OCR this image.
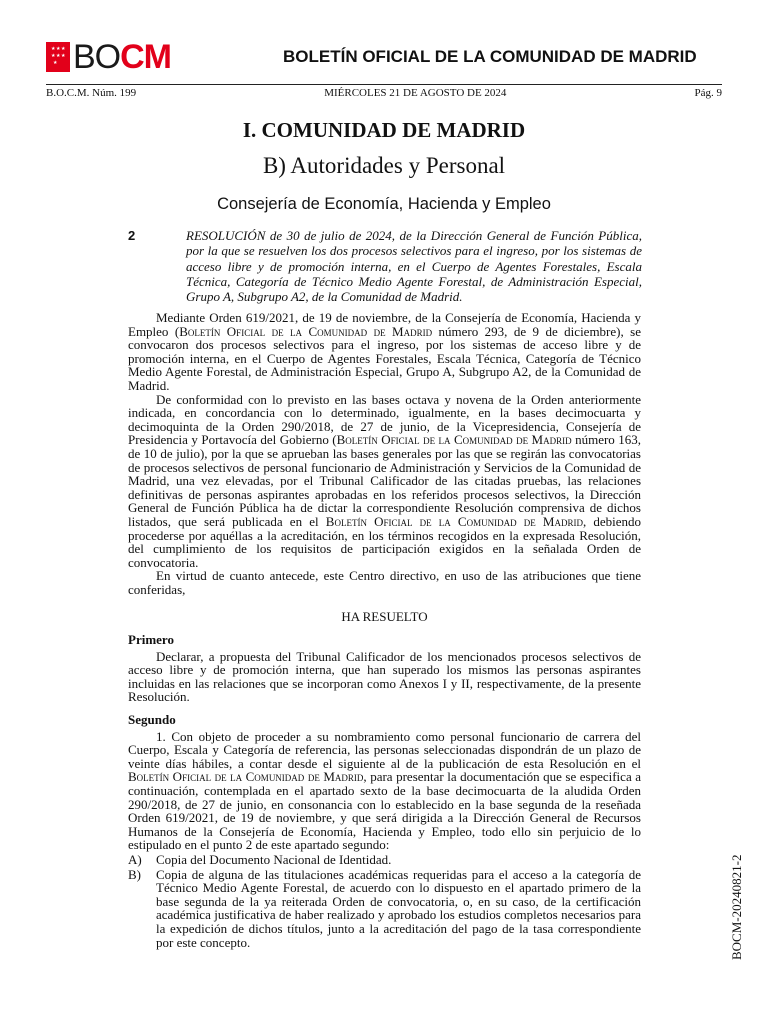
★ ★ ★
★ ★ ★
★ BOCM	BOLETÍN OFICIAL DE LA COMUNIDAD DE MADRID
B.O.C.M. Núm. 199	MIÉRCOLES 21 DE AGOSTO DE 2024	Pág. 9
I. COMUNIDAD DE MADRID
B) Autoridades y Personal
Consejería de Economía, Hacienda y Empleo
2	RESOLUCIÓN de 30 de julio de 2024, de la Dirección General de Función Pública, por la que se resuelven los dos procesos selectivos para el ingreso, por los sistemas de acceso libre y de promoción interna, en el Cuerpo de Agentes Forestales, Escala Técnica, Categoría de Técnico Medio Agente Forestal, de Administración Especial, Grupo A, Subgrupo A2, de la Comunidad de Madrid.

Mediante Orden 619/2021, de 19 de noviembre, de la Consejería de Economía, Hacienda y Empleo (Boletín Oficial de la Comunidad de Madrid número 293, de 9 de diciembre), se convocaron dos procesos selectivos para el ingreso, por los sistemas de acceso libre y de promoción interna, en el Cuerpo de Agentes Forestales, Escala Técnica, Categoría de Técnico Medio Agente Forestal, de Administración Especial, Grupo A, Subgrupo A2, de la Comunidad de Madrid.

De conformidad con lo previsto en las bases octava y novena de la Orden anteriormente indicada, en concordancia con lo determinado, igualmente, en la bases decimocuarta y decimoquinta de la Orden 290/2018, de 27 de junio, de la Vicepresidencia, Consejería de Presidencia y Portavocía del Gobierno (Boletín Oficial de la Comunidad de Madrid número 163, de 10 de julio), por la que se aprueban las bases generales por las que se regirán las convocatorias de procesos selectivos de personal funcionario de Administración y Servicios de la Comunidad de Madrid, una vez elevadas, por el Tribunal Calificador de las citadas pruebas, las relaciones definitivas de personas aspirantes aprobadas en los referidos procesos selectivos, la Dirección General de Función Pública ha de dictar la correspondiente Resolución comprensiva de dichos listados, que será publicada en el Boletín Oficial de la Comunidad de Madrid, debiendo procederse por aquéllas a la acreditación, en los términos recogidos en la expresada Resolución, del cumplimiento de los requisitos de participación exigidos en la señalada Orden de convocatoria.

En virtud de cuanto antecede, este Centro directivo, en uso de las atribuciones que tiene conferidas,

HA RESUELTO

Primero

Declarar, a propuesta del Tribunal Calificador de los mencionados procesos selectivos de acceso libre y de promoción interna, que han superado los mismos las personas aspirantes incluidas en las relaciones que se incorporan como Anexos I y II, respectivamente, de la presente Resolución.

Segundo

1. Con objeto de proceder a su nombramiento como personal funcionario de carrera del Cuerpo, Escala y Categoría de referencia, las personas seleccionadas dispondrán de un plazo de veinte días hábiles, a contar desde el siguiente al de la publicación de esta Resolución en el Boletín Oficial de la Comunidad de Madrid, para presentar la documentación que se especifica a continuación, contemplada en el apartado sexto de la base decimocuarta de la aludida Orden 290/2018, de 27 de junio, en consonancia con lo establecido en la base segunda de la reseñada Orden 619/2021, de 19 de noviembre, y que será dirigida a la Dirección General de Recursos Humanos de la Consejería de Economía, Hacienda y Empleo, todo ello sin perjuicio de lo estipulado en el punto 2 de este apartado segundo:

A)	Copia del Documento Nacional de Identidad.
B)	Copia de alguna de las titulaciones académicas requeridas para el acceso a la categoría de Técnico Medio Agente Forestal, de acuerdo con lo dispuesto en el apartado primero de la base segunda de la ya reiterada Orden de convocatoria, o, en su caso, de la certificación académica justificativa de haber realizado y aprobado los estudios completos necesarios para la expedición de dichos títulos, junto a la acreditación del pago de la tasa correspondiente por este concepto.	BOCM-20240821-2
